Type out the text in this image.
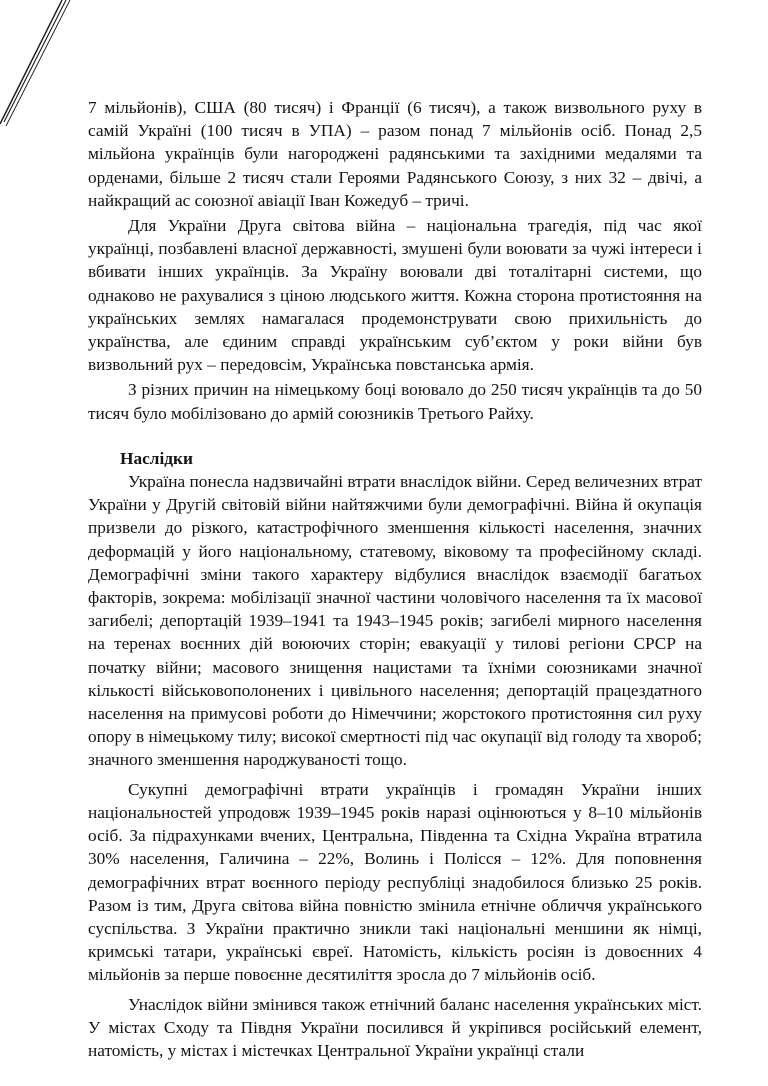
7 мільйонів), США (80 тисяч) і Франції (6 тисяч), а також визвольного руху в самій Україні (100 тисяч в УПА) – разом понад 7 мільйонів осіб. Понад 2,5 мільйона українців були нагороджені радянськими та західними медалями та орденами, більше 2 тисяч стали Героями Радянського Союзу, з них 32 – двічі, а найкращий ас союзної авіації Іван Кожедуб – тричі.

Для України Друга світова війна – національна трагедія, під час якої українці, позбавлені власної державності, змушені були воювати за чужі інтереси і вбивати інших українців. За Україну воювали дві тоталітарні системи, що однаково не рахувалися з ціною людського життя. Кожна сторона протистояння на українських землях намагалася продемонструвати свою прихильність до українства, але єдиним справді українським суб’єктом у роки війни був визвольний рух – передовсім, Українська повстанська армія.

З різних причин на німецькому боці воювало до 250 тисяч українців та до 50 тисяч було мобілізовано до армій союзників Третього Райху.

Наслідки

Україна понесла надзвичайні втрати внаслідок війни. Серед величезних втрат України у Другій світовій війни найтяжчими були демографічні. Війна й окупація призвели до різкого, катастрофічного зменшення кількості населення, значних деформацій у його національному, статевому, віковому та професійному складі. Демографічні зміни такого характеру відбулися внаслідок взаємодії багатьох факторів, зокрема: мобілізації значної частини чоловічого населення та їх масової загибелі; депортацій 1939–1941 та 1943–1945 років; загибелі мирного населення на теренах воєнних дій воюючих сторін; евакуації у тилові регіони СРСР на початку війни; масового знищення нацистами та їхніми союзниками значної кількості військовополонених і цивільного населення; депортацій працездатного населення на примусові роботи до Німеччини; жорстокого протистояння сил руху опору в німецькому тилу; високої смертності під час окупації від голоду та хвороб; значного зменшення народжуваності тощо.

Сукупні демографічні втрати українців і громадян України інших національностей упродовж 1939–1945 років наразі оцінюються у 8–10 мільйонів осіб. За підрахунками вчених, Центральна, Південна та Східна Україна втратила 30% населення, Галичина – 22%, Волинь і Полісся – 12%. Для поповнення демографічних втрат воєнного періоду республіці знадобилося близько 25 років. Разом із тим, Друга світова війна повністю змінила етнічне обличчя українського суспільства. З України практично зникли такі національні меншини як німці, кримські татари, українські євреї. Натомість, кількість росіян із довоєнних 4 мільйонів за перше повоєнне десятиліття зросла до 7 мільйонів осіб.

Унаслідок війни змінився також етнічний баланс населення українських міст. У містах Сходу та Півдня України посилився й укріпився російський елемент, натомість, у містах і містечках Центральної України українці стали
